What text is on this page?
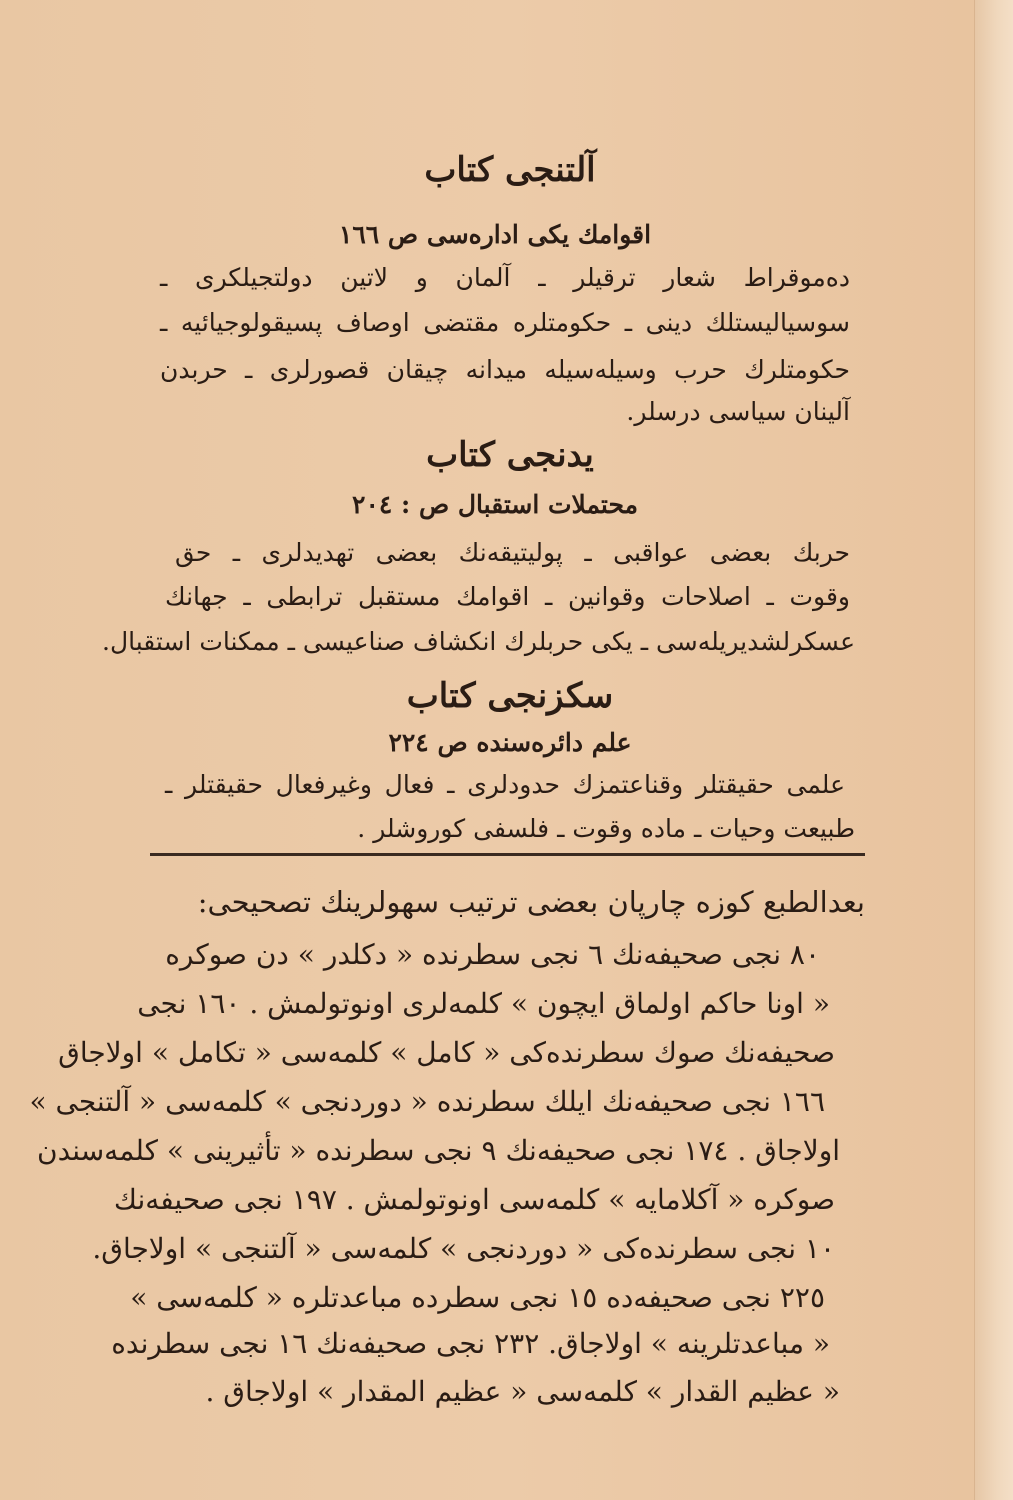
آلتنجی کتاب
اقوامك یکی ادارەسی ص ١٦٦
دەموقراط شعار ترقیلر ـ آلمان و لاتین دولتجیلکری ـ
سوسیالیستلك دینی ـ حکومتلره مقتضی اوصاف پسیقولوجیائیه ـ
حکومتلرك حرب وسیلەسیله میدانه چیقان قصورلری ـ حربدن
آلینان سیاسی درسلر.
یدنجی کتاب
محتملات استقبال ص : ٢٠٤
حربك بعضی عواقبی ـ پولیتیقەنك بعضی تهدیدلری ـ حق
وقوت ـ اصلاحات وقوانین ـ اقوامك مستقبل ترابطی ـ جهانك
عسکرلشدیریلەسی ـ یکی حربلرك انکشاف صناعیسی ـ ممکنات استقبال.
سکزنجی کتاب
علم دائرەسنده ص ٢٢٤
علمی حقیقتلر وقناعتمزك حدودلری ـ فعال وغیرفعال حقیقتلر ـ
طبیعت وحیات ـ ماده وقوت ـ فلسفی کوروشلر .
بعدالطبع کوزه چارپان بعضی ترتیب سهولرینك تصحیحی:
٨٠ نجی صحیفەنك ٦ نجی سطرنده « دکلدر » دن صوکره
« اونا حاکم اولماق ایچون » کلمەلری اونوتولمش . ١٦٠ نجی
صحیفەنك صوك سطرندەکی « کامل » کلمەسی « تکامل » اولاجاق
١٦٦ نجی صحیفەنك ایلك سطرنده « دوردنجی » کلمەسی « آلتنجی »
اولاجاق . ١٧٤ نجی صحیفەنك ٩ نجی سطرنده « تأثیرینی » کلمەسندن
صوکره « آکلامایه » کلمەسی اونوتولمش . ١٩٧ نجی صحیفەنك
١٠ نجی سطرندەکی « دوردنجی » کلمەسی « آلتنجی » اولاجاق.
٢٢٥ نجی صحیفەده ١٥ نجی سطرده مباعدتلره « کلمەسی »
« مباعدتلرینه » اولاجاق. ٢٣٢ نجی صحیفەنك ١٦ نجی سطرنده
« عظیم القدار » کلمەسی « عظیم المقدار » اولاجاق .
